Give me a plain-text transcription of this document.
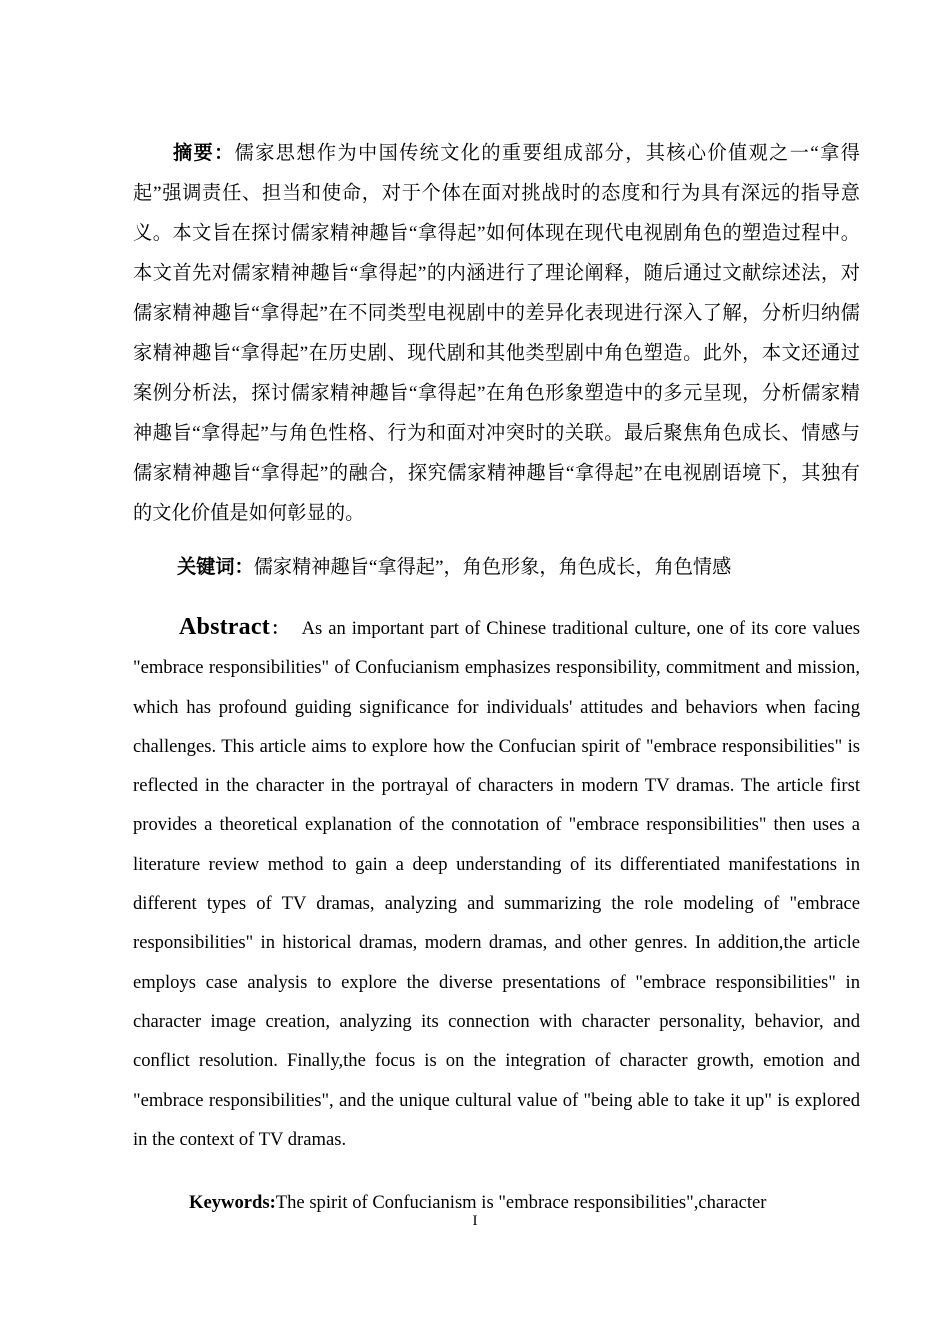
摘要：儒家思想作为中国传统文化的重要组成部分，其核心价值观之一“拿得起”强调责任、担当和使命，对于个体在面对挑战时的态度和行为具有深远的指导意义。本文旨在探讨儒家精神趣旨“拿得起”如何体现在现代电视剧角色的塑造过程中。本文首先对儒家精神趣旨“拿得起”的内涵进行了理论阐释，随后通过文献综述法，对儒家精神趣旨“拿得起”在不同类型电视剧中的差异化表现进行深入了解，分析归纳儒家精神趣旨“拿得起”在历史剧、现代剧和其他类型剧中角色塑造。此外，本文还通过案例分析法，探讨儒家精神趣旨“拿得起”在角色形象塑造中的多元呈现，分析儒家精神趣旨“拿得起”与角色性格、行为和面对冲突时的关联。最后聚焦角色成长、情感与儒家精神趣旨“拿得起”的融合，探究儒家精神趣旨“拿得起”在电视剧语境下，其独有的文化价值是如何彰显的。

关键词：儒家精神趣旨“拿得起”，角色形象，角色成长，角色情感

Abstract： As an important part of Chinese traditional culture, one of its core values "embrace responsibilities" of Confucianism emphasizes responsibility, commitment and mission, which has profound guiding significance for individuals' attitudes and behaviors when facing challenges. This article aims to explore how the Confucian spirit of "embrace responsibilities" is reflected in the character in the portrayal of characters in modern TV dramas. The article first provides a theoretical explanation of the connotation of "embrace responsibilities" then uses a literature review method to gain a deep understanding of its differentiated manifestations in different types of TV dramas, analyzing and summarizing the role modeling of "embrace responsibilities" in historical dramas, modern dramas, and other genres. In addition,the article employs case analysis to explore the diverse presentations of "embrace responsibilities" in character image creation, analyzing its connection with character personality, behavior, and conflict resolution. Finally,the focus is on the integration of character growth, emotion and "embrace responsibilities", and the unique cultural value of "being able to take it up" is explored in the context of TV dramas.

Keywords:The spirit of Confucianism is "embrace responsibilities",character

I
